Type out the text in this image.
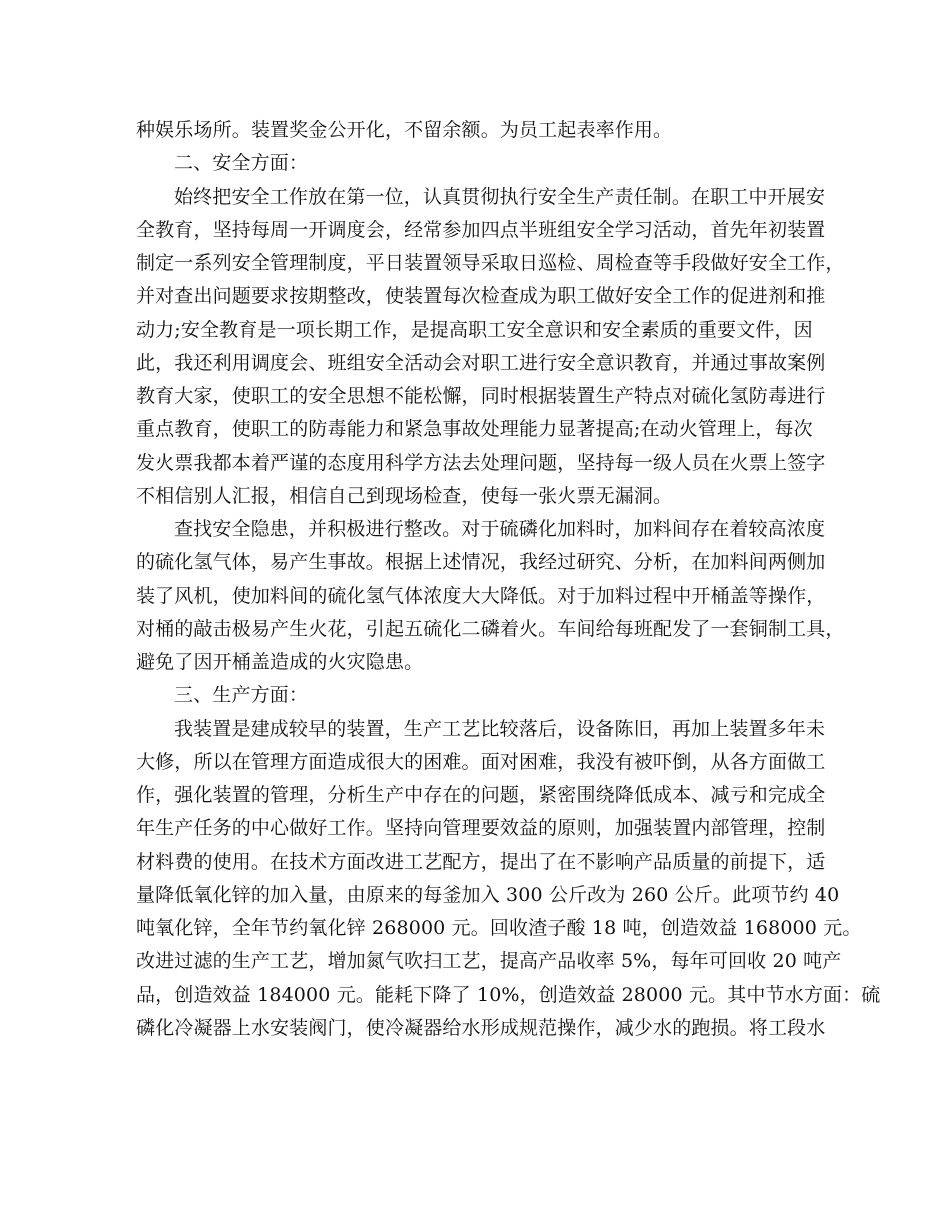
种娱乐场所。装置奖金公开化，不留余额。为员工起表率作用。
二、安全方面：
始终把安全工作放在第一位，认真贯彻执行安全生产责任制。在职工中开展安
全教育，坚持每周一开调度会，经常参加四点半班组安全学习活动，首先年初装置
制定一系列安全管理制度，平日装置领导采取日巡检、周检查等手段做好安全工作，
并对查出问题要求按期整改，使装置每次检查成为职工做好安全工作的促进剂和推
动力;安全教育是一项长期工作，是提高职工安全意识和安全素质的重要文件，因
此，我还利用调度会、班组安全活动会对职工进行安全意识教育，并通过事故案例
教育大家，使职工的安全思想不能松懈，同时根据装置生产特点对硫化氢防毒进行
重点教育，使职工的防毒能力和紧急事故处理能力显著提高;在动火管理上，每次
发火票我都本着严谨的态度用科学方法去处理问题，坚持每一级人员在火票上签字
不相信别人汇报，相信自己到现场检查，使每一张火票无漏洞。
查找安全隐患，并积极进行整改。对于硫磷化加料时，加料间存在着较高浓度
的硫化氢气体，易产生事故。根据上述情况，我经过研究、分析，在加料间两侧加
装了风机，使加料间的硫化氢气体浓度大大降低。对于加料过程中开桶盖等操作，
对桶的敲击极易产生火花，引起五硫化二磷着火。车间给每班配发了一套铜制工具，
避免了因开桶盖造成的火灾隐患。
三、生产方面：
我装置是建成较早的装置，生产工艺比较落后，设备陈旧，再加上装置多年未
大修，所以在管理方面造成很大的困难。面对困难，我没有被吓倒，从各方面做工
作，强化装置的管理，分析生产中存在的问题，紧密围绕降低成本、减亏和完成全
年生产任务的中心做好工作。坚持向管理要效益的原则，加强装置内部管理，控制
材料费的使用。在技术方面改进工艺配方，提出了在不影响产品质量的前提下，适
量降低氧化锌的加入量，由原来的每釜加入 300 公斤改为 260 公斤。此项节约 40
吨氧化锌，全年节约氧化锌 268000 元。回收渣子酸 18 吨，创造效益 168000 元。
改进过滤的生产工艺，增加氮气吹扫工艺，提高产品收率 5%，每年可回收 20 吨产
品，创造效益 184000 元。能耗下降了 10%，创造效益 28000 元。其中节水方面：硫
磷化冷凝器上水安装阀门，使冷凝器给水形成规范操作，减少水的跑损。将工段水
